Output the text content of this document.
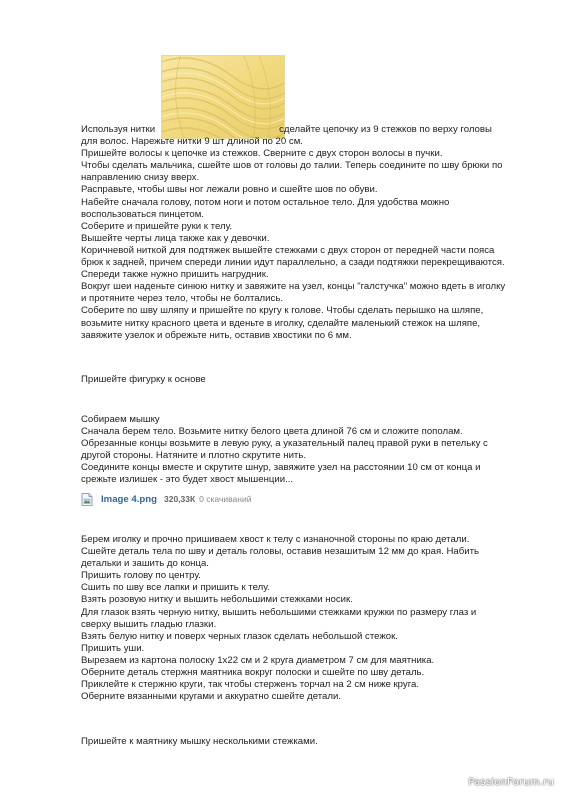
Используя нитки	сделайте цепочку из 9 стежков по верху головы

для волос. Нарежьте нитки 9 шт длиной по 20 см.

Пришейте волосы к цепочке из стежков. Сверните с двух сторон волосы в пучки.

Чтобы сделать мальчика, сшейте шов от головы до талии. Теперь соедините по шву брюки по

направлению снизу вверх.

Расправьте, чтобы швы ног лежали ровно и сшейте шов по обуви.

Набейте сначала голову, потом ноги и потом остальное тело. Для удобства можно

воспользоваться пинцетом.

Соберите и пришейте руки к телу.

Вышейте черты лица также как у девочки.

Коричневой ниткой для подтяжек вышейте стежками с двух сторон от передней части пояса

брюк к задней, причем спереди линии идут параллельно, а сзади подтяжки перекрещиваются.

Спереди также нужно пришить нагрудник.

Вокруг шеи наденьте синюю нитку и завяжите на узел, концы "галстучка" можно вдеть в иголку

и протяните через тело, чтобы не болтались.

Соберите по шву шляпу и пришейте по кругу к голове. Чтобы сделать перышко на шляпе,

возьмите нитку красного цвета и вденьте в иголку, сделайте маленький стежок на шляпе,

завяжите узелок и обрежьте нить, оставив хвостики по 6 мм.

Пришейте фигурку к основе

Собираем мышку

Сначала берем тело. Возьмите нитку белого цвета длиной 76 см и сложите пополам.

Обрезанные концы возьмите в левую руку, а указательный палец правой руки в петельку с

другой стороны. Натяните и плотно скрутите нить.

Соедините концы вместе и скрутите шнур, завяжите узел на расстоянии 10 см от конца и

срежьте излишек - это будет хвост мышенции...

Image 4.png 320,33К 0 скачиваний

Берем иголку и прочно пришиваем хвост к телу с изнаночной стороны по краю детали.

Сшейте деталь тела по шву и деталь головы, оставив незашитым 12 мм до края. Набить

детальки и зашить до конца.

Пришить голову по центру.

Сшить по шву все лапки и пришить к телу.

Взять розовую нитку и вышить небольшими стежками носик.

Для глазок взять черную нитку, вышить небольшими стежками кружки по размеру глаз и

сверху вышить гладью глазки.

Взять белую нитку и поверх черных глазок сделать небольшой стежок.

Пришить уши.

Вырезаем из картона полоску 1х22 см и 2 круга диаметром 7 см для маятника.

Оберните деталь стержня маятника вокруг полоски и сшейте по шву деталь.

Приклейте к стержню круги, так чтобы стерженъ торчал на 2 см ниже круга.

Оберните вязанными кругами и аккуратно сшейте детали.

Пришейте к маятнику мышку несколькими стежками.

PassionForum.ru
